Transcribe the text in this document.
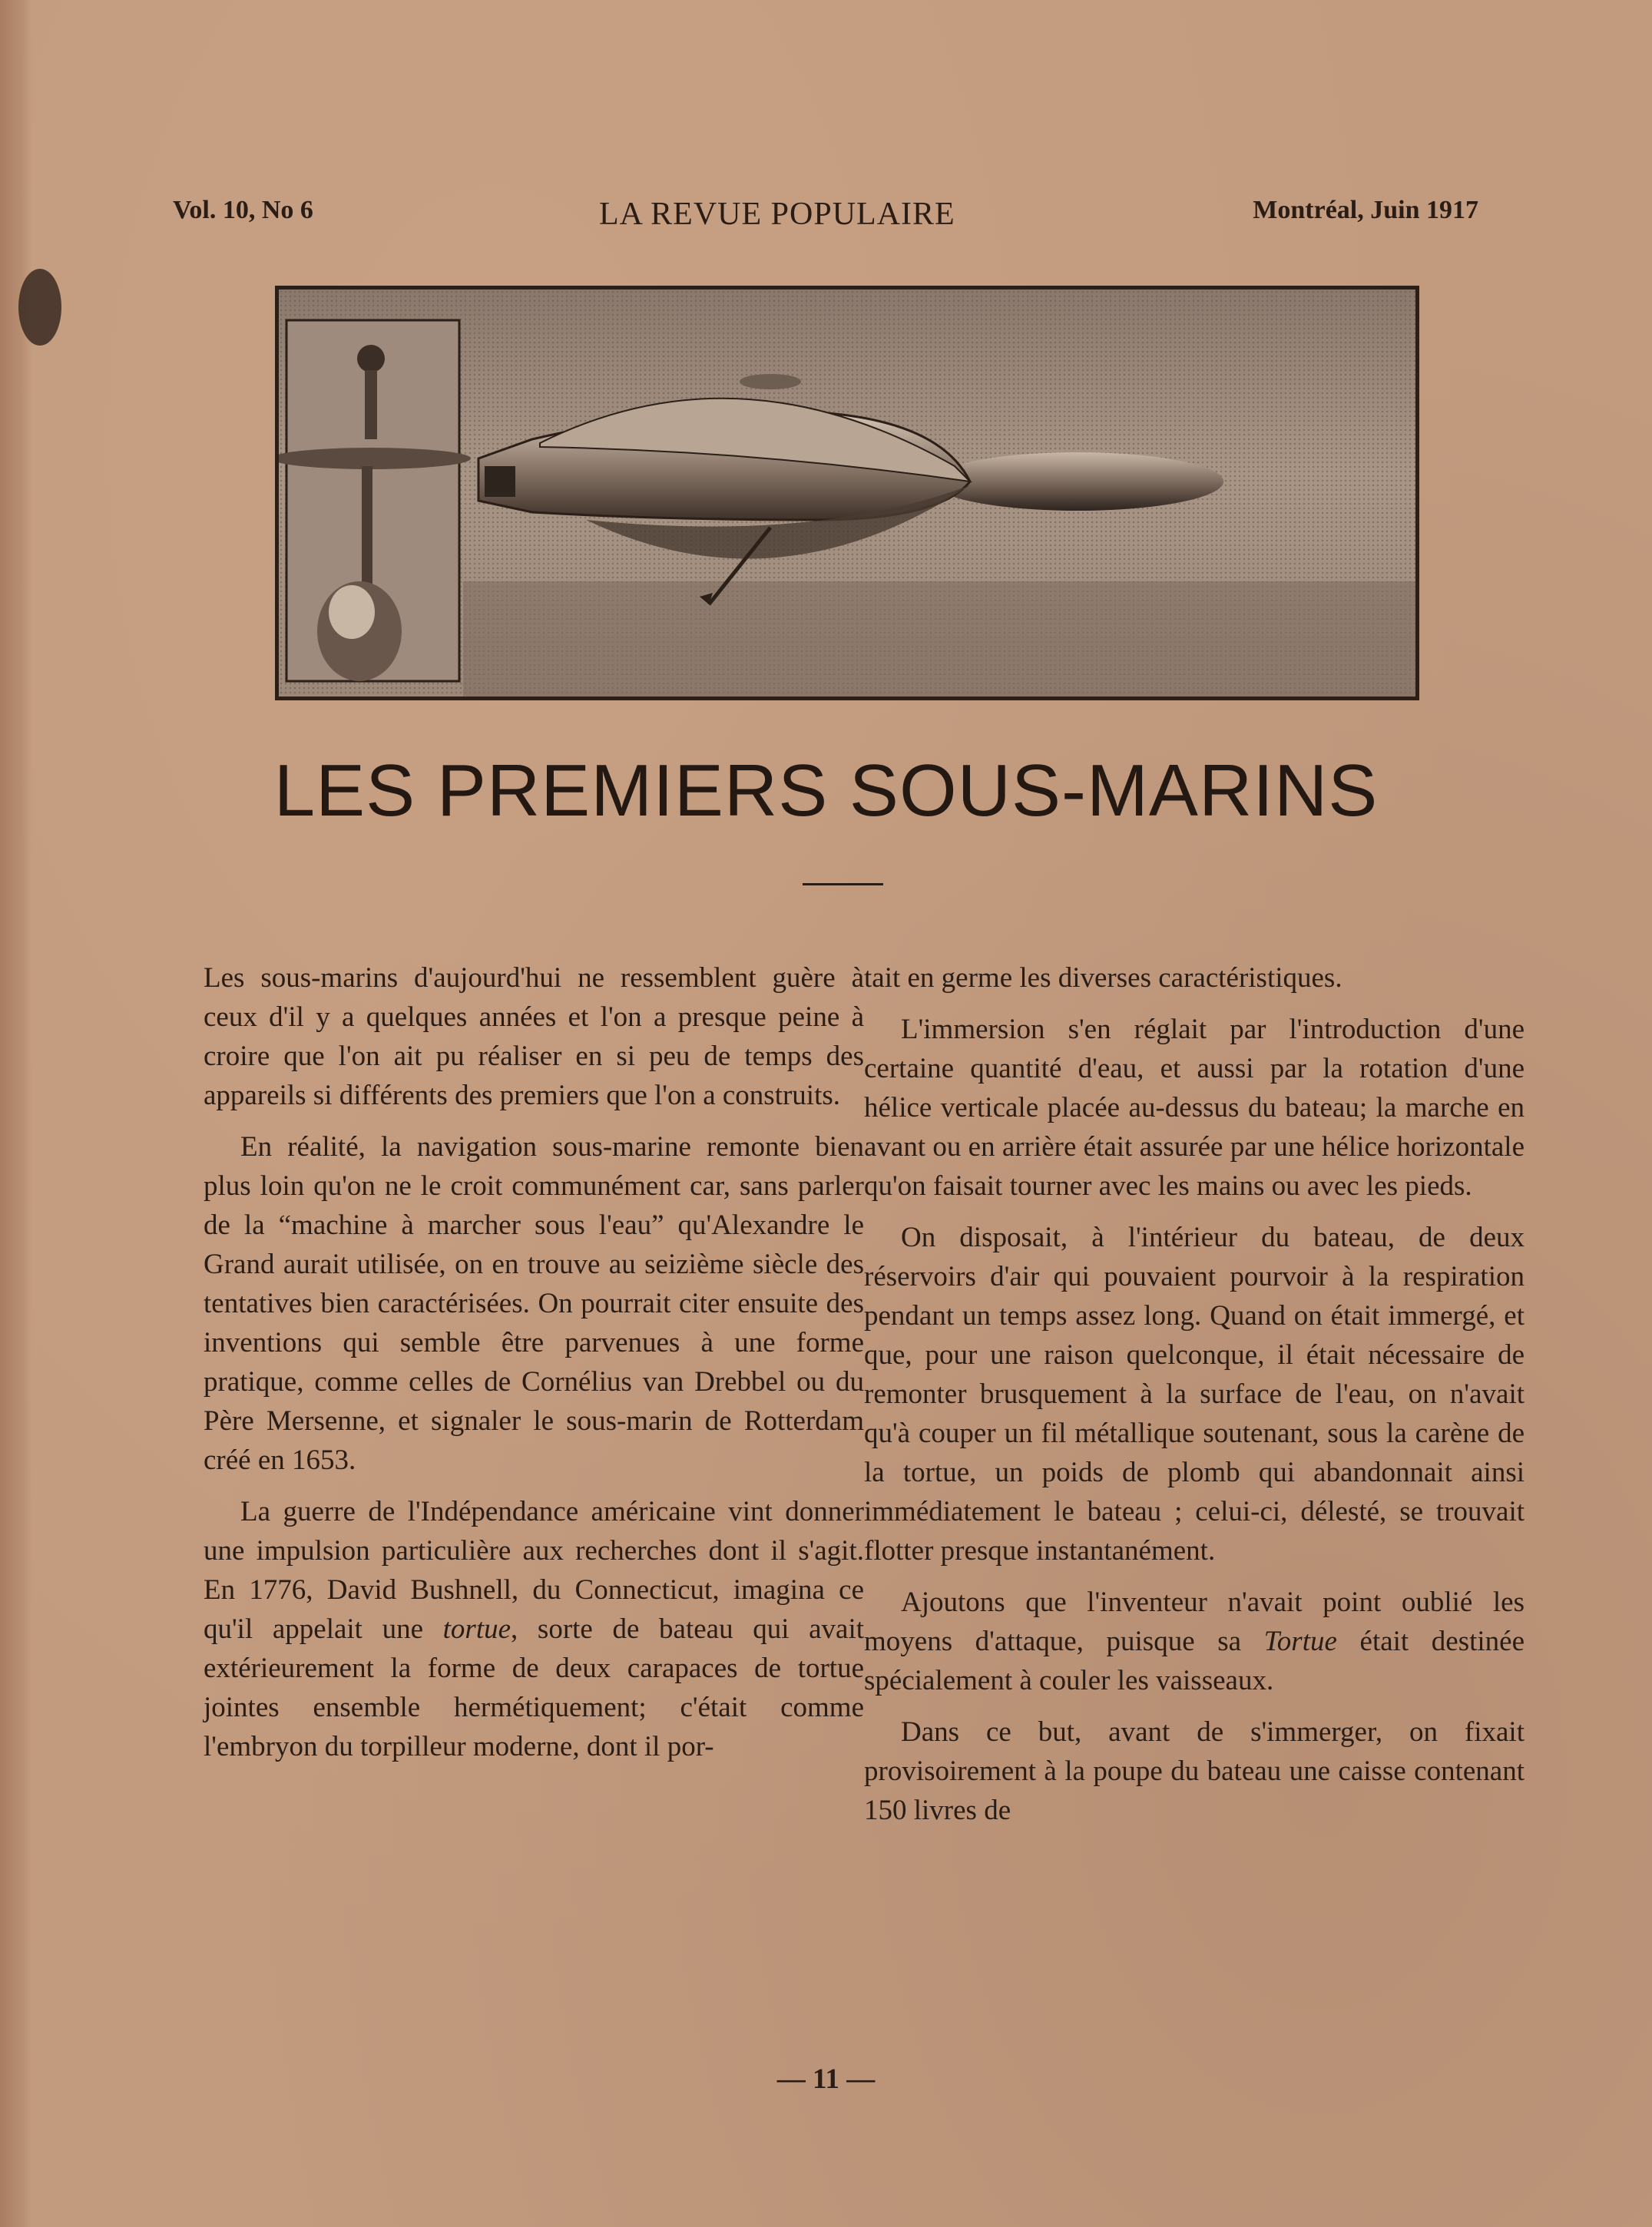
Vol. 10, No 6	LA REVUE POPULAIRE	Montréal, Juin 1917
LES PREMIERS SOUS-MARINS

Les sous-marins d'aujourd'hui ne ressemblent guère à ceux d'il y a quelques années et l'on a presque peine à croire que l'on ait pu réaliser en si peu de temps des appareils si différents des premiers que l'on a construits.

En réalité, la navigation sous-marine remonte bien plus loin qu'on ne le croit communément car, sans parler de la “machine à marcher sous l'eau” qu'Alexandre le Grand aurait utilisée, on en trouve au seizième siècle des tentatives bien caractérisées. On pourrait citer ensuite des inventions qui semble être parvenues à une forme pratique, comme celles de Cornélius van Drebbel ou du Père Mersenne, et signaler le sous-marin de Rotterdam créé en 1653.

La guerre de l'Indépendance américaine vint donner une impulsion particulière aux recherches dont il s'agit. En 1776, David Bushnell, du Connecticut, imagina ce qu'il appelait une tortue, sorte de bateau qui avait extérieurement la forme de deux carapaces de tortue jointes ensemble hermétiquement; c'était comme l'embryon du torpilleur moderne, dont il por-

tait en germe les diverses caractéristiques.

L'immersion s'en réglait par l'introduction d'une certaine quantité d'eau, et aussi par la rotation d'une hélice verticale placée au-dessus du bateau; la marche en avant ou en arrière était assurée par une hélice horizontale qu'on faisait tourner avec les mains ou avec les pieds.

On disposait, à l'intérieur du bateau, de deux réservoirs d'air qui pouvaient pourvoir à la respiration pendant un temps assez long. Quand on était immergé, et que, pour une raison quelconque, il était nécessaire de remonter brusquement à la surface de l'eau, on n'avait qu'à couper un fil métallique soutenant, sous la carène de la tortue, un poids de plomb qui abandonnait ainsi immédiatement le bateau ; celui-ci, délesté, se trouvait flotter presque instantanément.

Ajoutons que l'inventeur n'avait point oublié les moyens d'attaque, puisque sa Tortue était destinée spécialement à couler les vaisseaux.

Dans ce but, avant de s'immerger, on fixait provisoirement à la poupe du bateau une caisse contenant 150 livres de

— 11 —
